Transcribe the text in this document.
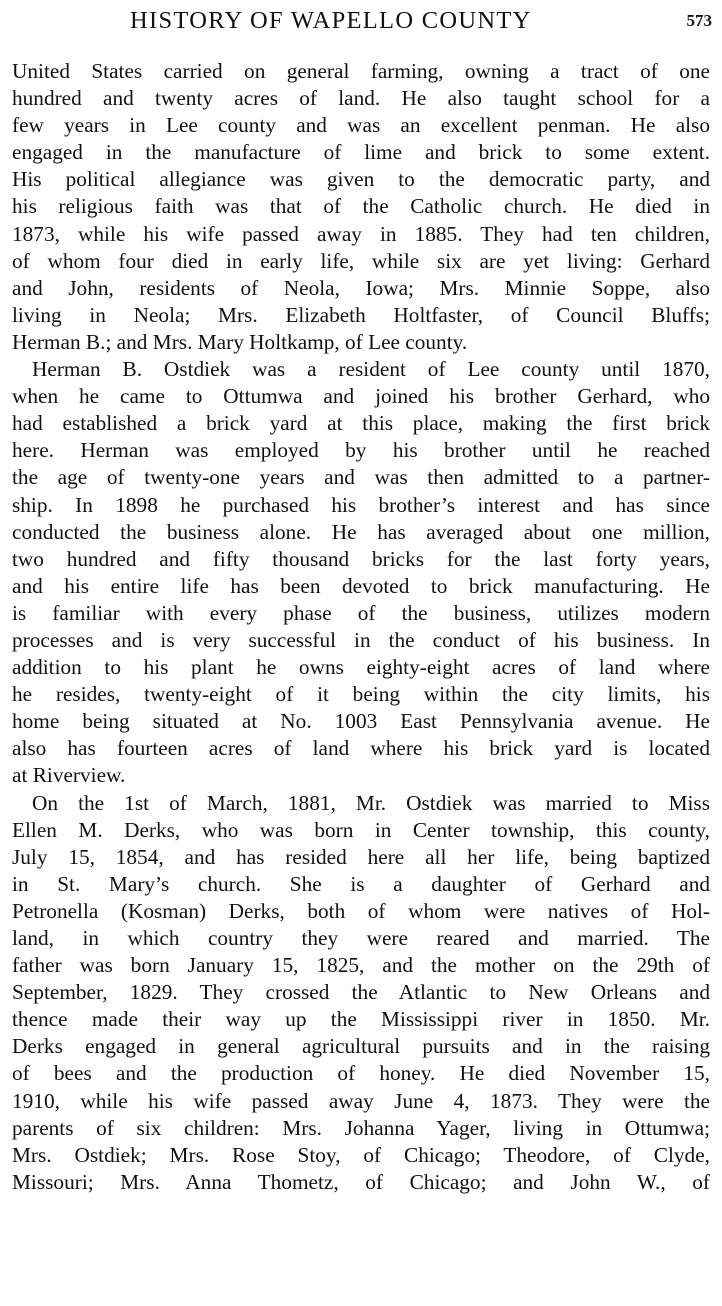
HISTORY OF WAPELLO COUNTY	573
United States carried on general farming, owning a tract of one
hundred and twenty acres of land. He also taught school for a
few years in Lee county and was an excellent penman. He also
engaged in the manufacture of lime and brick to some extent.
His political allegiance was given to the democratic party, and
his religious faith was that of the Catholic church. He died in
1873, while his wife passed away in 1885. They had ten children,
of whom four died in early life, while six are yet living: Gerhard
and John, residents of Neola, Iowa; Mrs. Minnie Soppe, also
living in Neola; Mrs. Elizabeth Holtfaster, of Council Bluffs;
Herman B.; and Mrs. Mary Holtkamp, of Lee county.
Herman B. Ostdiek was a resident of Lee county until 1870,
when he came to Ottumwa and joined his brother Gerhard, who
had established a brick yard at this place, making the first brick
here. Herman was employed by his brother until he reached
the age of twenty-one years and was then admitted to a partner-
ship. In 1898 he purchased his brother’s interest and has since
conducted the business alone. He has averaged about one million,
two hundred and fifty thousand bricks for the last forty years,
and his entire life has been devoted to brick manufacturing. He
is familiar with every phase of the business, utilizes modern
processes and is very successful in the conduct of his business. In
addition to his plant he owns eighty-eight acres of land where
he resides, twenty-eight of it being within the city limits, his
home being situated at No. 1003 East Pennsylvania avenue. He
also has fourteen acres of land where his brick yard is located
at Riverview.
On the 1st of March, 1881, Mr. Ostdiek was married to Miss
Ellen M. Derks, who was born in Center township, this county,
July 15, 1854, and has resided here all her life, being baptized
in St. Mary’s church. She is a daughter of Gerhard and
Petronella (Kosman) Derks, both of whom were natives of Hol-
land, in which country they were reared and married. The
father was born January 15, 1825, and the mother on the 29th of
September, 1829. They crossed the Atlantic to New Orleans and
thence made their way up the Mississippi river in 1850. Mr.
Derks engaged in general agricultural pursuits and in the raising
of bees and the production of honey. He died November 15,
1910, while his wife passed away June 4, 1873. They were the
parents of six children: Mrs. Johanna Yager, living in Ottumwa;
Mrs. Ostdiek; Mrs. Rose Stoy, of Chicago; Theodore, of Clyde,
Missouri; Mrs. Anna Thometz, of Chicago; and John W., of
